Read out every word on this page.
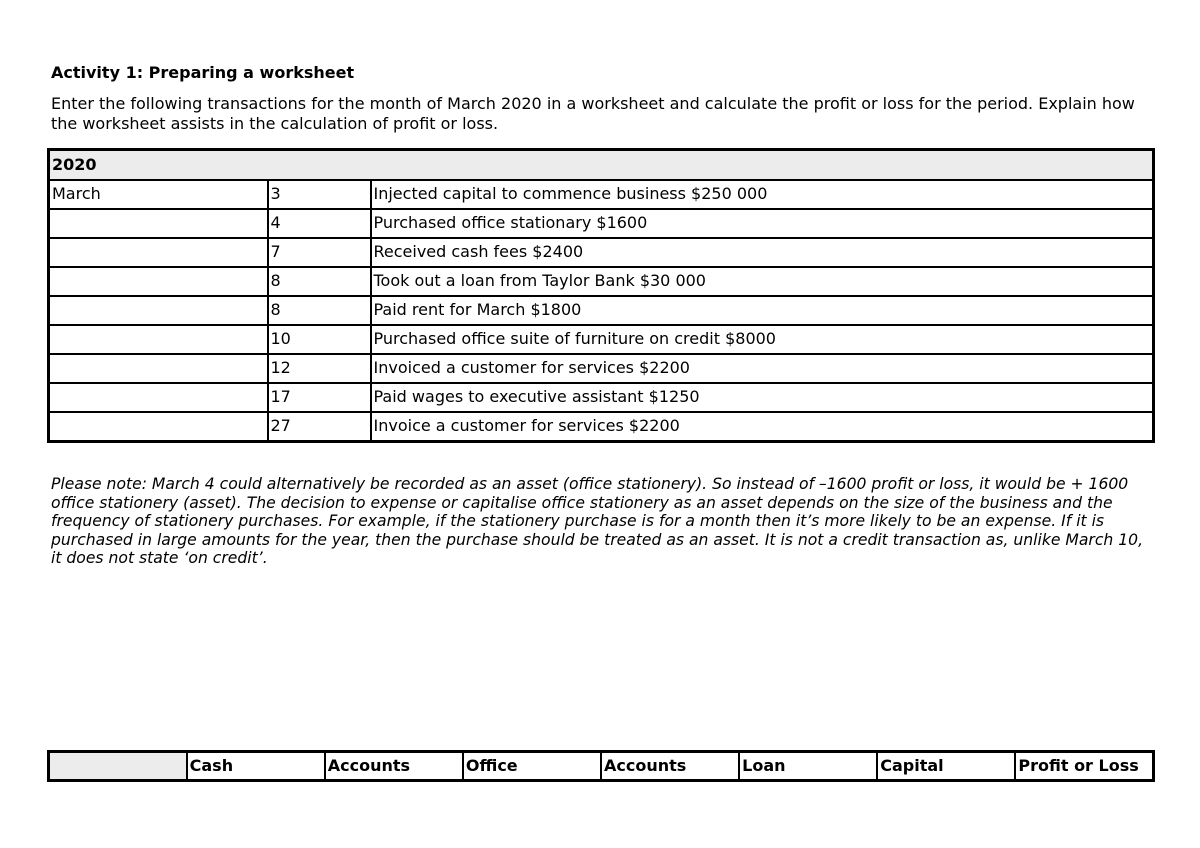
Activity 1: Preparing a worksheet

Enter the following transactions for the month of March 2020 in a worksheet and calculate the profit or loss for the period. Explain how the worksheet assists in the calculation of profit or loss.

2020		
March	3	Injected capital to commence business $250 000
	4	Purchased office stationary $1600
	7	Received cash fees $2400
	8	Took out a loan from Taylor Bank $30 000
	8	Paid rent for March $1800
	10	Purchased office suite of furniture on credit $8000
	12	Invoiced a customer for services $2200
	17	Paid wages to executive assistant $1250
	27	Invoice a customer for services $2200

Please note: March 4 could alternatively be recorded as an asset (office stationery). So instead of –1600 profit or loss, it would be + 1600 office stationery (asset). The decision to expense or capitalise office stationery as an asset depends on the size of the business and the frequency of stationery purchases. For example, if the stationery purchase is for a month then it’s more likely to be an expense. If it is purchased in large amounts for the year, then the purchase should be treated as an asset. It is not a credit transaction as, unlike March 10, it does not state ‘on credit’.

	Cash	Accounts	Office	Accounts	Loan	Capital	Profit or Loss
